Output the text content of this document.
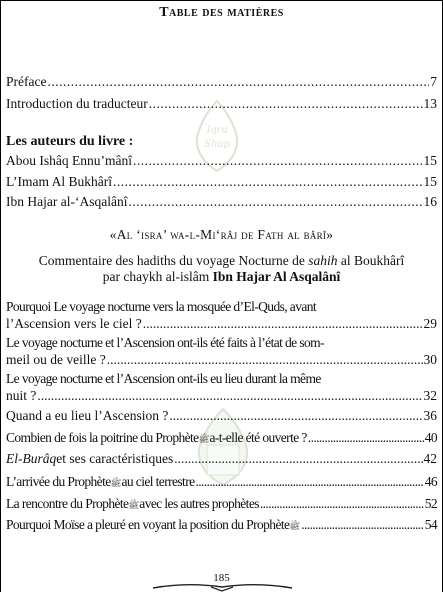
Table des matières
Iqra
Shop
Préface .....	7
Introduction du traducteur .....	13
Les auteurs du livre :
Abou Ishâq Ennu’mânî .....	15
L’Imam Al Bukhârî .....	15
Ibn Hajar al-‘Asqalânî .....	16
«Al ‘isra’ wa-l-Mi‘râj de Fath al bârî»
Commentaire des hadiths du voyage Nocturne de sahih al Boukhârî
par chaykh al-islâm Ibn Hajar Al Asqalânî
Pourquoi Le voyage nocturne vers la mosquée d’El-Quds, avant
l’Ascension vers le ciel ? .....	29
Le voyage nocturne et l’Ascension ont-ils été faits à l’état de som-
meil ou de veille ? .....	30
Le voyage nocturne et l’Ascension ont-ils eu lieu durant la même
nuit ? .....	32
Quand a eu lieu l’Ascension ? .....	36
Combien de fois la poitrine du Prophète ﷺ a-t-elle été ouverte ? .....	40
El-Burâq et ses caractéristiques .....	42
L’arrivée du Prophète ﷺ au ciel terrestre .....	46
La rencontre du Prophète ﷺ avec les autres prophètes .....	52
Pourquoi Moïse a pleuré en voyant la position du Prophète ﷺ .....	54
185
